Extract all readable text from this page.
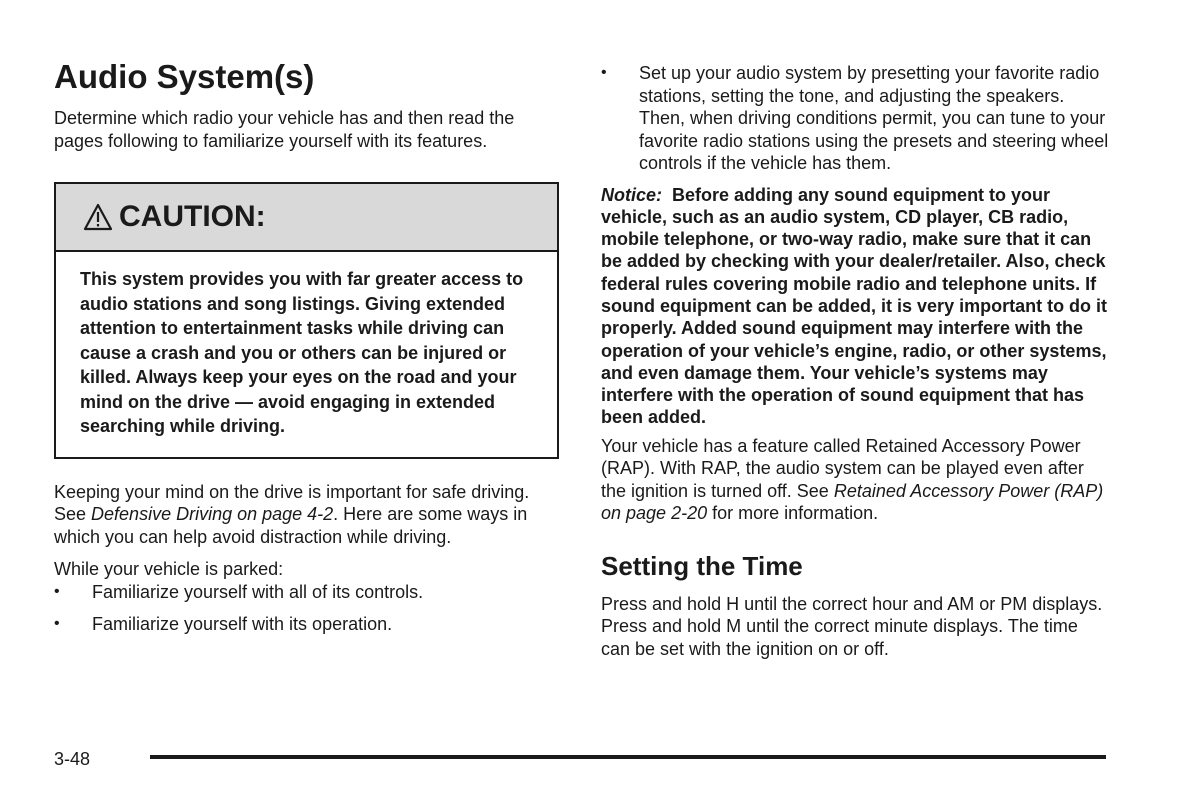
Audio System(s)

Determine which radio your vehicle has and then read the pages following to familiarize yourself with its features.

CAUTION:
This system provides you with far greater access to audio stations and song listings. Giving extended attention to entertainment tasks while driving can cause a crash and you or others can be injured or killed. Always keep your eyes on the road and your mind on the drive — avoid engaging in extended searching while driving.

Keeping your mind on the drive is important for safe driving. See Defensive Driving on page 4-2. Here are some ways in which you can help avoid distraction while driving.

While your vehicle is parked:

• Familiarize yourself with all of its controls.
• Familiarize yourself with its operation.
• Set up your audio system by presetting your favorite radio stations, setting the tone, and adjusting the speakers. Then, when driving conditions permit, you can tune to your favorite radio stations using the presets and steering wheel controls if the vehicle has them.

Notice: Before adding any sound equipment to your vehicle, such as an audio system, CD player, CB radio, mobile telephone, or two-way radio, make sure that it can be added by checking with your dealer/retailer. Also, check federal rules covering mobile radio and telephone units. If sound equipment can be added, it is very important to do it properly. Added sound equipment may interfere with the operation of your vehicle’s engine, radio, or other systems, and even damage them. Your vehicle’s systems may interfere with the operation of sound equipment that has been added.

Your vehicle has a feature called Retained Accessory Power (RAP). With RAP, the audio system can be played even after the ignition is turned off. See Retained Accessory Power (RAP) on page 2-20 for more information.

Setting the Time

Press and hold H until the correct hour and AM or PM displays. Press and hold M until the correct minute displays. The time can be set with the ignition on or off.

3-48
